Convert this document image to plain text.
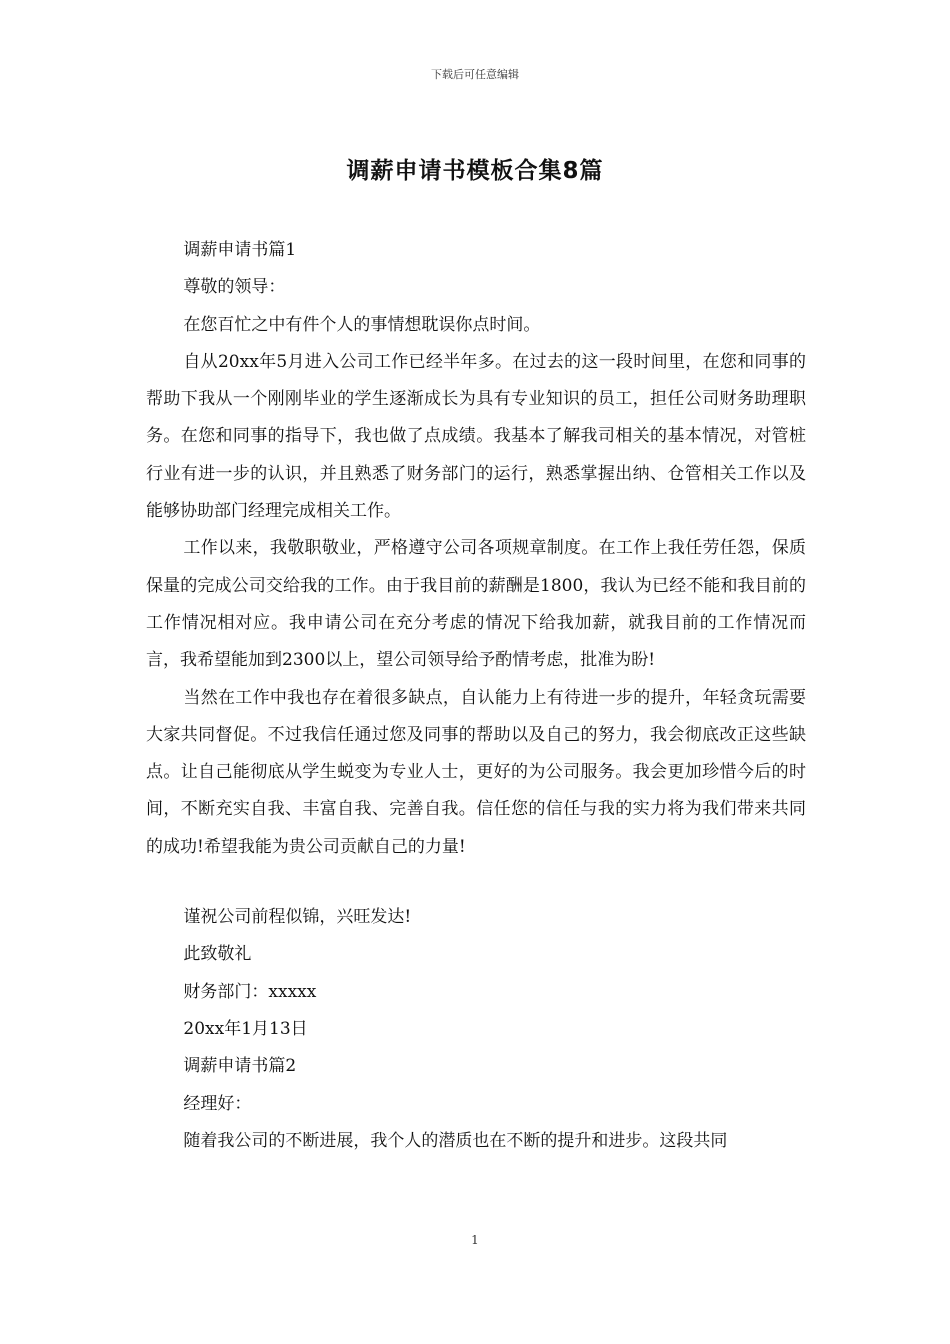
下载后可任意编辑
调薪申请书模板合集8篇

调薪申请书篇1

尊敬的领导：

在您百忙之中有件个人的事情想耽误你点时间。

自从20xx年5月进入公司工作已经半年多。在过去的这一段时间里，在您和同事的帮助下我从一个刚刚毕业的学生逐渐成长为具有专业知识的员工，担任公司财务助理职务。在您和同事的指导下，我也做了点成绩。我基本了解我司相关的基本情况，对管桩行业有进一步的认识，并且熟悉了财务部门的运行，熟悉掌握出纳、仓管相关工作以及能够协助部门经理完成相关工作。

工作以来，我敬职敬业，严格遵守公司各项规章制度。在工作上我任劳任怨，保质保量的完成公司交给我的工作。由于我目前的薪酬是1800，我认为已经不能和我目前的工作情况相对应。我申请公司在充分考虑的情况下给我加薪，就我目前的工作情况而言，我希望能加到2300以上，望公司领导给予酌情考虑，批准为盼!

当然在工作中我也存在着很多缺点，自认能力上有待进一步的提升，年轻贪玩需要大家共同督促。不过我信任通过您及同事的帮助以及自己的努力，我会彻底改正这些缺点。让自己能彻底从学生蜕变为专业人士，更好的为公司服务。我会更加珍惜今后的时间，不断充实自我、丰富自我、完善自我。信任您的信任与我的实力将为我们带来共同的成功!希望我能为贵公司贡献自己的力量!

谨祝公司前程似锦，兴旺发达!

此致敬礼

财务部门：xxxxx

20xx年1月13日

调薪申请书篇2

经理好：

随着我公司的不断进展，我个人的潜质也在不断的提升和进步。这段共同

1
